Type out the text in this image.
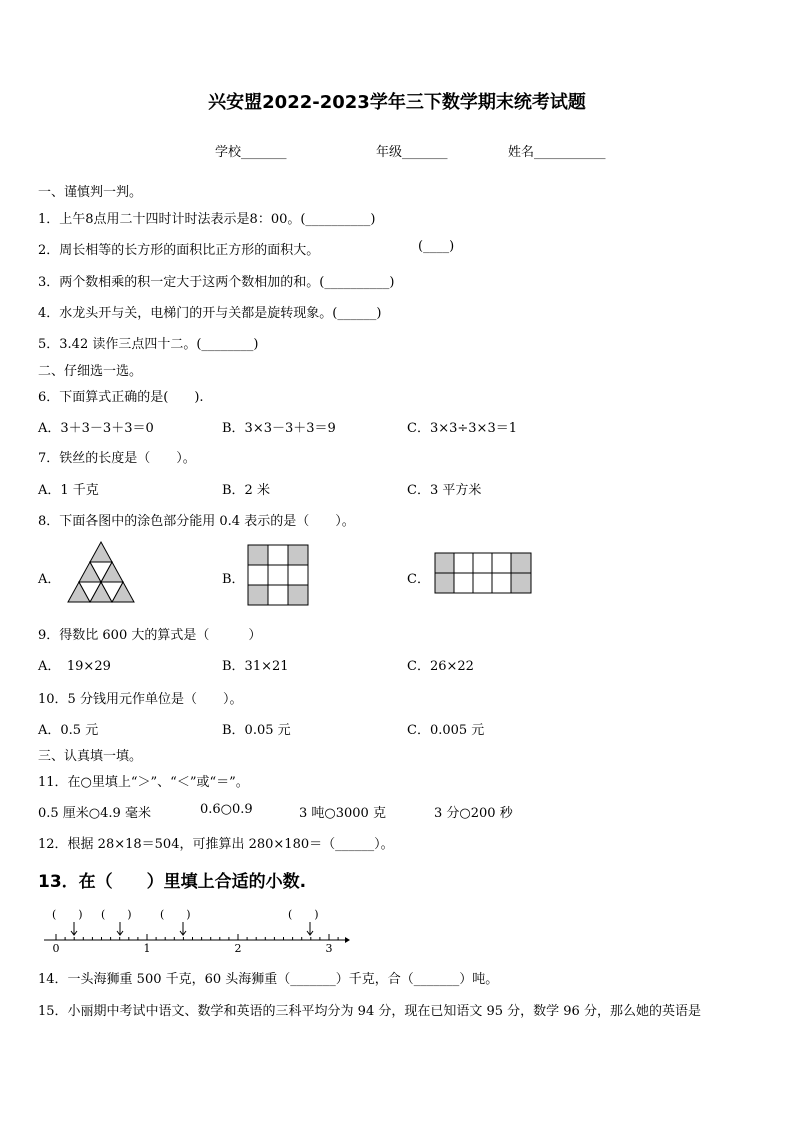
兴安盟2022-2023学年三下数学期末统考试题
学校_______	年级_______	姓名___________
一、谨慎判一判。
1．上午8点用二十四时计时法表示是8：00。(__________)
2．周长相等的长方形的面积比正方形的面积大。	(____)
3．两个数相乘的积一定大于这两个数相加的和。(__________)
4．水龙头开与关，电梯门的开与关都是旋转现象。(______)
5．3.42 读作三点四十二。(________)
二、仔细选一选。
6．下面算式正确的是(　　).
A．3＋3－3＋3＝0	B．3×3－3＋3＝9	C．3×3÷3×3＝1
7．铁丝的长度是（　　）。
A．1 千克	B．2 米	C．3 平方米
8．下面各图中的涂色部分能用 0.4 表示的是（　　）。
A．	B．	C．
9．得数比 600 大的算式是（　　　）
A．　19×29	B．31×21	C．26×22
10．5 分钱用元作单位是（　　）。
A．0.5 元	B．0.05 元	C．0.005 元
三、认真填一填。
11．在○里填上“＞”、“＜”或“＝”。
0.5 厘米○4.9 毫米	0.6○0.9	3 吨○3000 克	3 分○200 秒
12．根据 28×18＝504，可推算出 280×180＝（______）。
13．在（　　）里填上合适的小数.
(　　) (　　)	(　　)	(　　)
0	1	2	3
14．一头海狮重 500 千克，60 头海狮重（_______）千克，合（_______）吨。
15．小丽期中考试中语文、数学和英语的三科平均分为 94 分，现在已知语文 95 分，数学 96 分，那么她的英语是
